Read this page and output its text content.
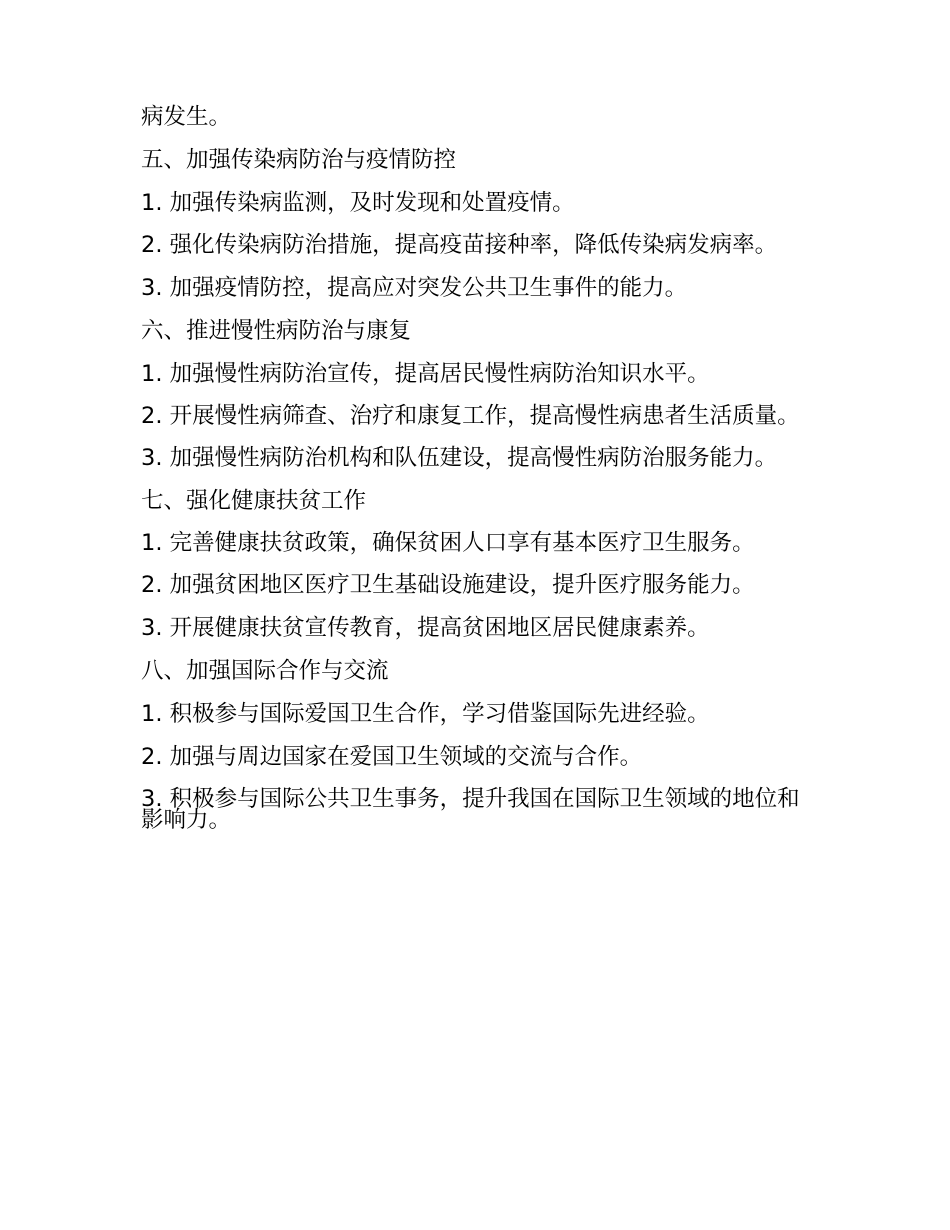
病发生。

五、加强传染病防治与疫情防控

1. 加强传染病监测，及时发现和处置疫情。

2. 强化传染病防治措施，提高疫苗接种率，降低传染病发病率。

3. 加强疫情防控，提高应对突发公共卫生事件的能力。

六、推进慢性病防治与康复

1. 加强慢性病防治宣传，提高居民慢性病防治知识水平。

2. 开展慢性病筛查、治疗和康复工作，提高慢性病患者生活质量。

3. 加强慢性病防治机构和队伍建设，提高慢性病防治服务能力。

七、强化健康扶贫工作

1. 完善健康扶贫政策，确保贫困人口享有基本医疗卫生服务。

2. 加强贫困地区医疗卫生基础设施建设，提升医疗服务能力。

3. 开展健康扶贫宣传教育，提高贫困地区居民健康素养。

八、加强国际合作与交流

1. 积极参与国际爱国卫生合作，学习借鉴国际先进经验。

2. 加强与周边国家在爱国卫生领域的交流与合作。

3. 积极参与国际公共卫生事务，提升我国在国际卫生领域的地位和影响力。
